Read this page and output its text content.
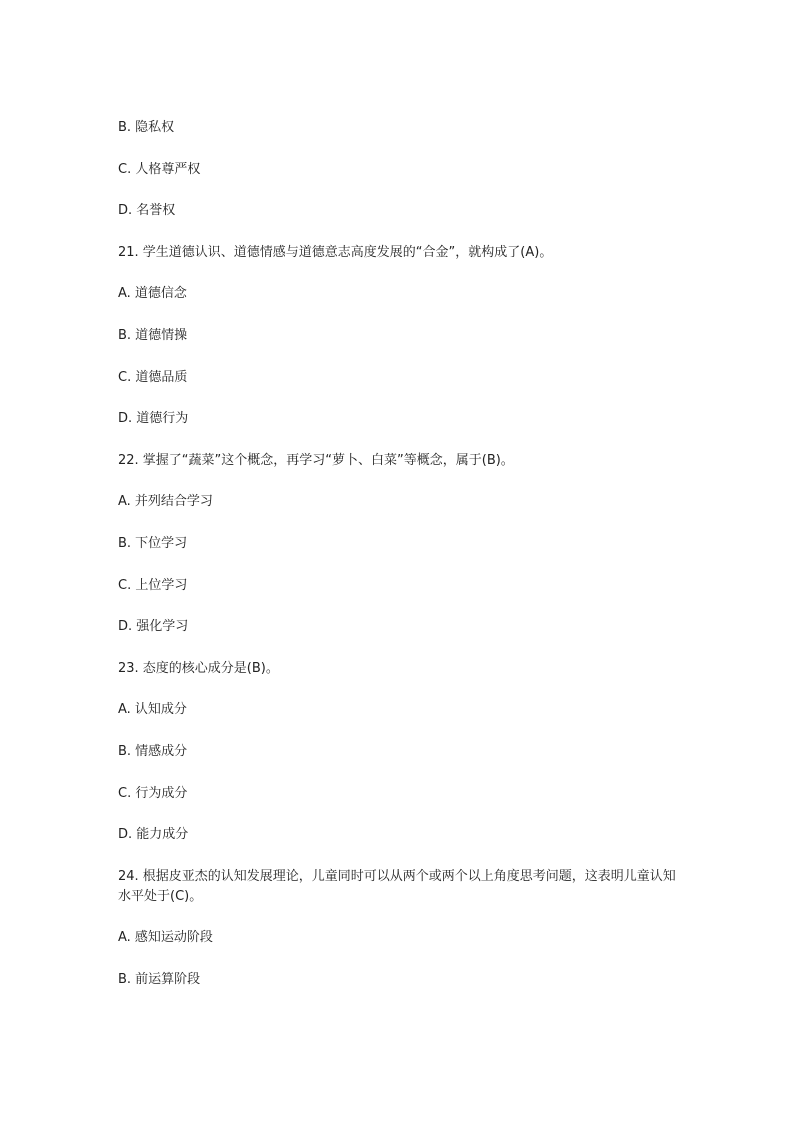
B. 隐私权
C. 人格尊严权
D. 名誉权
21. 学生道德认识、道德情感与道德意志高度发展的“合金”，就构成了(A)。
A. 道德信念
B. 道德情操
C. 道德品质
D. 道德行为
22. 掌握了“蔬菜”这个概念，再学习“萝卜、白菜”等概念，属于(B)。
A. 并列结合学习
B. 下位学习
C. 上位学习
D. 强化学习
23. 态度的核心成分是(B)。
A. 认知成分
B. 情感成分
C. 行为成分
D. 能力成分
24. 根据皮亚杰的认知发展理论，儿童同时可以从两个或两个以上角度思考问题，这表明儿童认知水平处于(C)。
A. 感知运动阶段
B. 前运算阶段
